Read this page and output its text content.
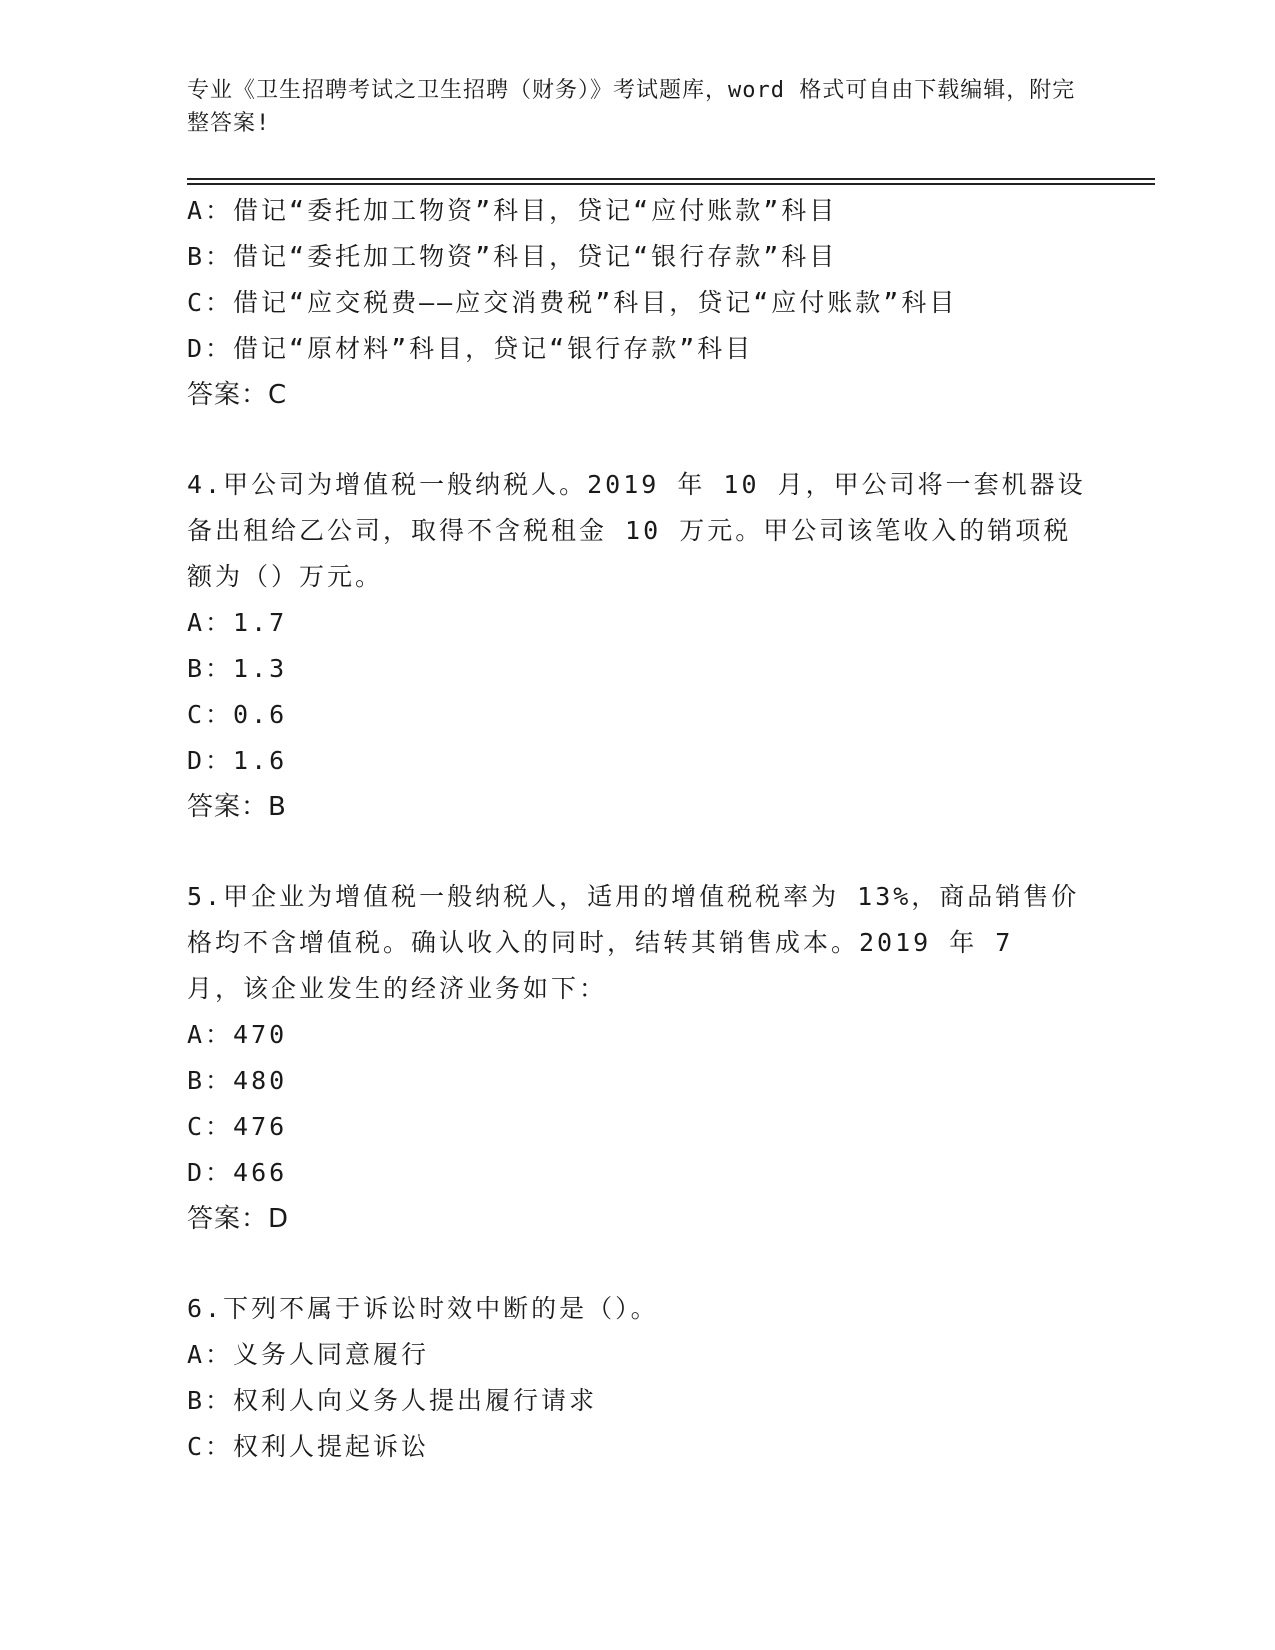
专业《卫生招聘考试之卫生招聘（财务）》考试题库，word 格式可自由下载编辑，附完整答案!
A：借记“委托加工物资”科目，贷记“应付账款”科目
B：借记“委托加工物资”科目，贷记“银行存款”科目
C：借记“应交税费——应交消费税”科目，贷记“应付账款”科目
D：借记“原材料”科目，贷记“银行存款”科目
答案：C
4.甲公司为增值税一般纳税人。2019 年 10 月，甲公司将一套机器设备出租给乙公司，取得不含税租金 10 万元。甲公司该笔收入的销项税额为（）万元。
A：1.7
B：1.3
C：0.6
D：1.6
答案：B
5.甲企业为增值税一般纳税人，适用的增值税税率为 13%，商品销售价格均不含增值税。确认收入的同时，结转其销售成本。2019 年 7 月，该企业发生的经济业务如下：
A：470
B：480
C：476
D：466
答案：D
6.下列不属于诉讼时效中断的是（）。
A：义务人同意履行
B：权利人向义务人提出履行请求
C：权利人提起诉讼
